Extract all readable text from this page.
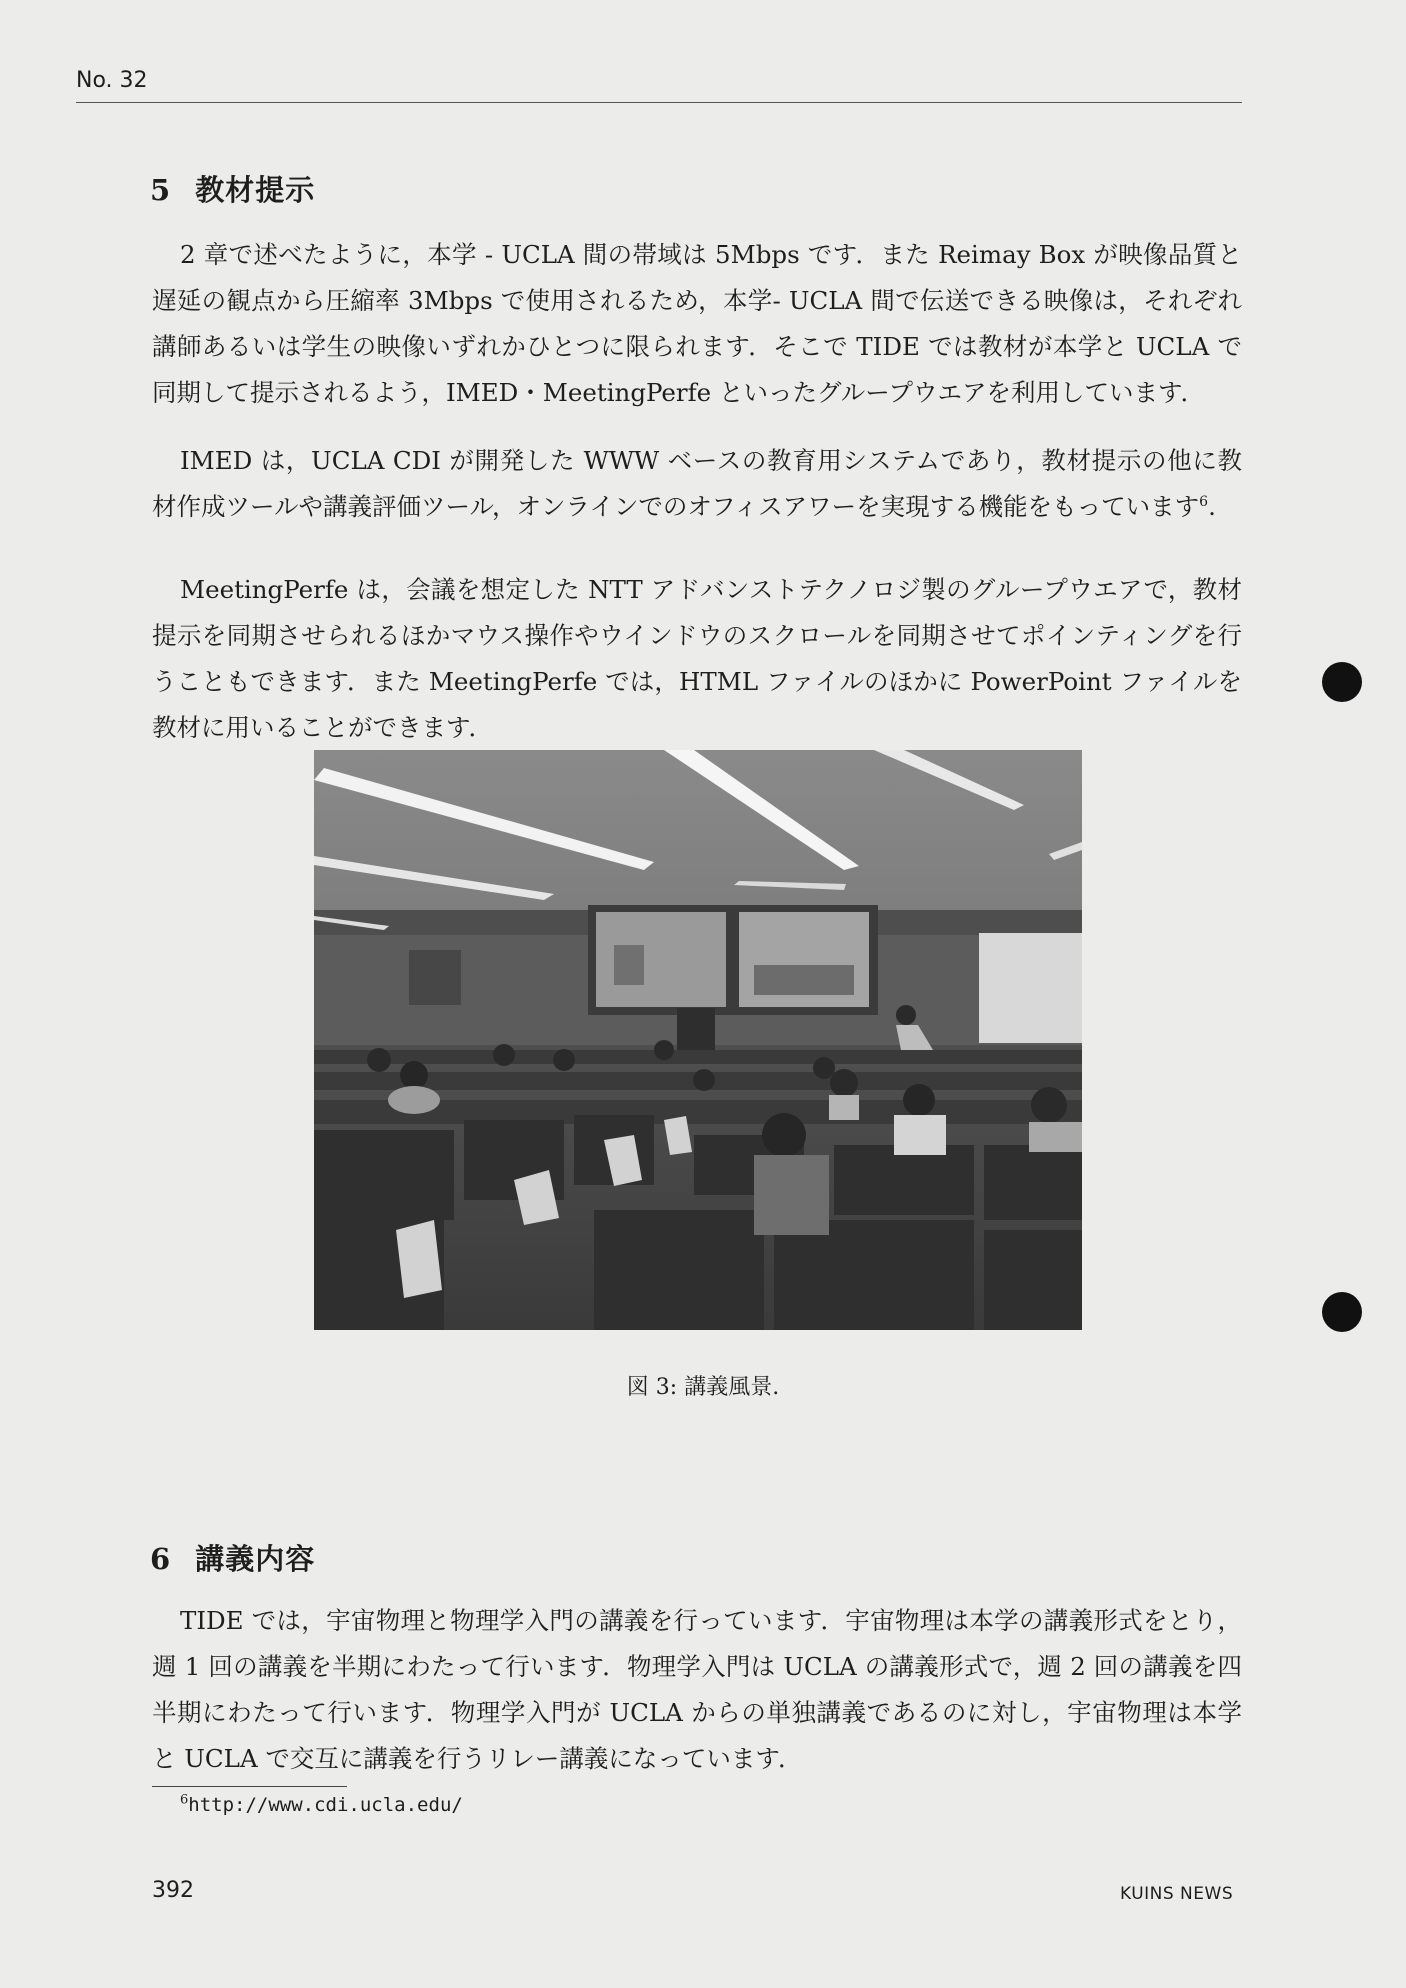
No. 32
5 教材提示
2 章で述べたように，本学 - UCLA 間の帯域は 5Mbps です．また Reimay Box が映像品質と遅延の観点から圧縮率 3Mbps で使用されるため，本学- UCLA 間で伝送できる映像は，それぞれ講師あるいは学生の映像いずれかひとつに限られます．そこで TIDE では教材が本学と UCLA で同期して提示されるよう，IMED・MeetingPerfe といったグループウエアを利用しています．
IMED は，UCLA CDI が開発した WWW ベースの教育用システムであり，教材提示の他に教材作成ツールや講義評価ツール，オンラインでのオフィスアワーを実現する機能をもっています$^6$.
MeetingPerfe は，会議を想定した NTT アドバンストテクノロジ製のグループウエアで，教材提示を同期させられるほかマウス操作やウインドウのスクロールを同期させてポインティングを行うこともできます．また MeetingPerfe では，HTML ファイルのほかに PowerPoint ファイルを教材に用いることができます．
図 3: 講義風景.
6 講義内容
TIDE では，宇宙物理と物理学入門の講義を行っています．宇宙物理は本学の講義形式をとり，週 1 回の講義を半期にわたって行います．物理学入門は UCLA の講義形式で，週 2 回の講義を四半期にわたって行います．物理学入門が UCLA からの単独講義であるのに対し，宇宙物理は本学と UCLA で交互に講義を行うリレー講義になっています．
$^6$http://www.cdi.ucla.edu/
392	KUINS NEWS
